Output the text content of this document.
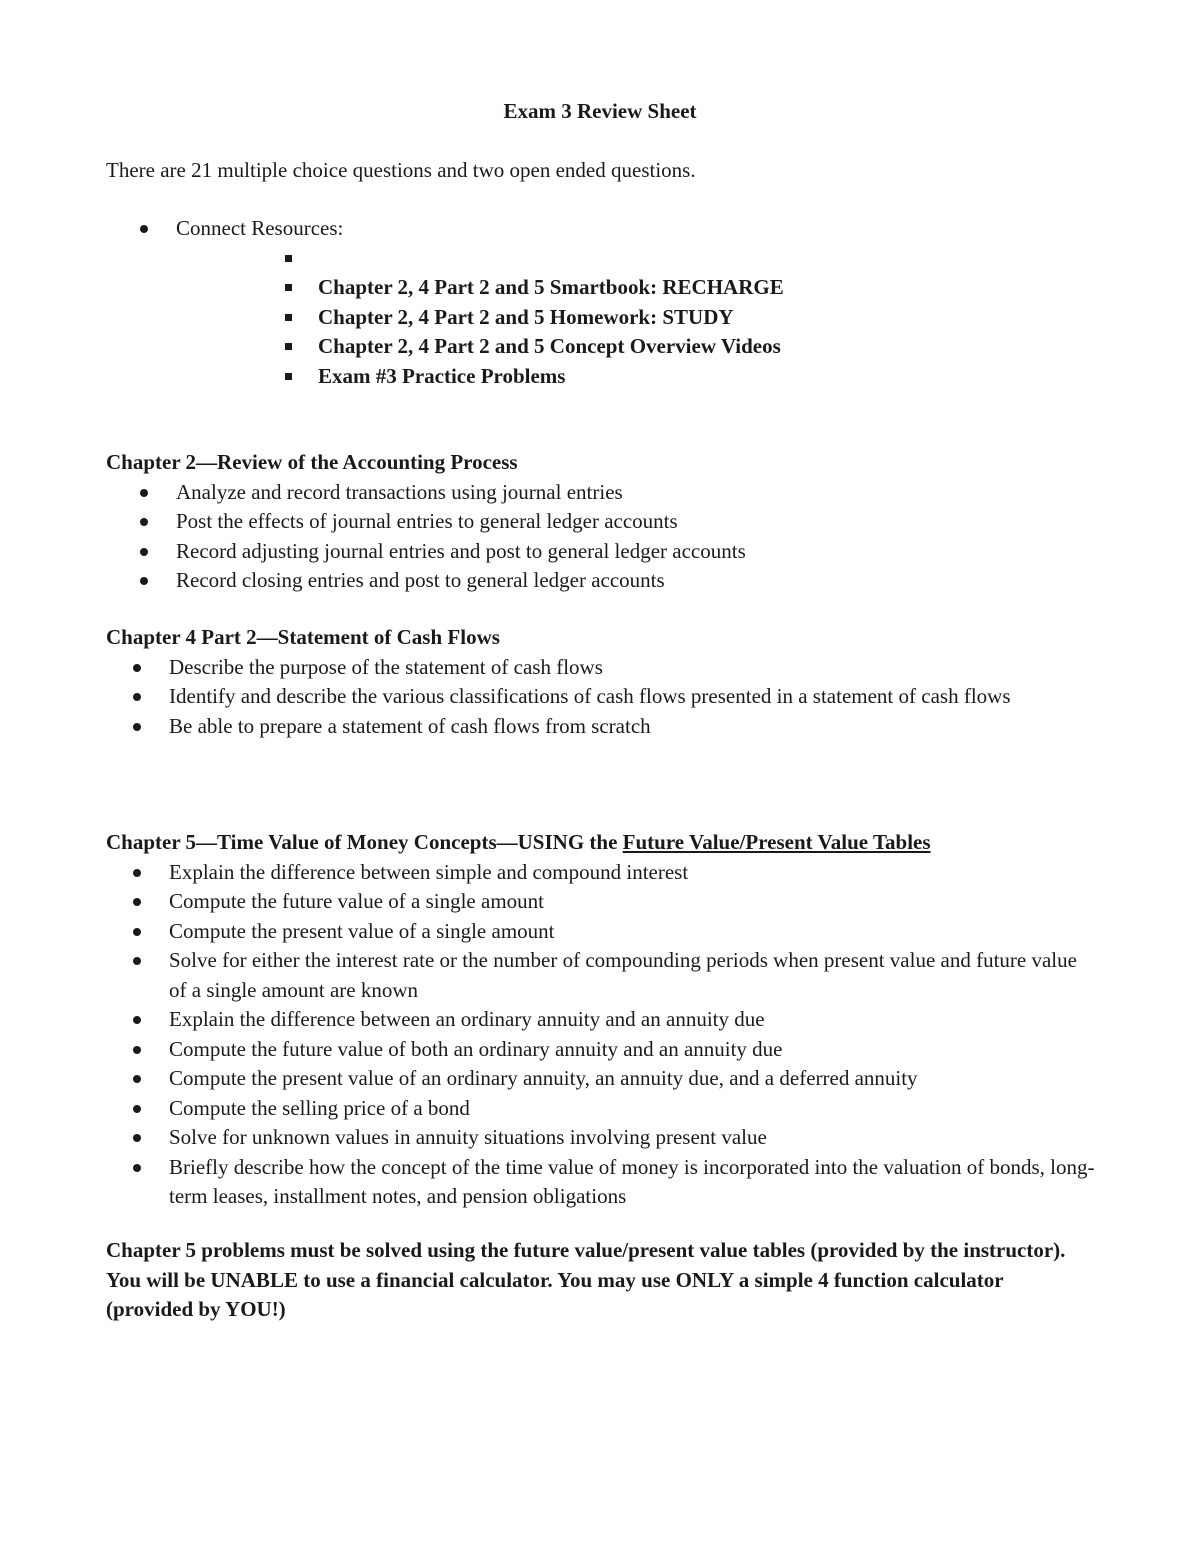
Exam 3 Review Sheet
There are 21 multiple choice questions and two open ended questions.
Connect Resources:
Chapter 2, 4 Part 2 and 5 Smartbook: RECHARGE
Chapter 2, 4 Part 2 and 5 Homework: STUDY
Chapter 2, 4 Part 2 and 5 Concept Overview Videos
Exam #3 Practice Problems
Chapter 2—Review of the Accounting Process
Analyze and record transactions using journal entries
Post the effects of journal entries to general ledger accounts
Record adjusting journal entries and post to general ledger accounts
Record closing entries and post to general ledger accounts
Chapter 4 Part 2—Statement of Cash Flows
Describe the purpose of the statement of cash flows
Identify and describe the various classifications of cash flows presented in a statement of cash flows
Be able to prepare a statement of cash flows from scratch
Chapter 5—Time Value of Money Concepts—USING the Future Value/Present Value Tables
Explain the difference between simple and compound interest
Compute the future value of a single amount
Compute the present value of a single amount
Solve for either the interest rate or the number of compounding periods when present value and future value of a single amount are known
Explain the difference between an ordinary annuity and an annuity due
Compute the future value of both an ordinary annuity and an annuity due
Compute the present value of an ordinary annuity, an annuity due, and a deferred annuity
Compute the selling price of a bond
Solve for unknown values in annuity situations involving present value
Briefly describe how the concept of the time value of money is incorporated into the valuation of bonds, long-term leases, installment notes, and pension obligations
Chapter 5 problems must be solved using the future value/present value tables (provided by the instructor). You will be UNABLE to use a financial calculator. You may use ONLY a simple 4 function calculator (provided by YOU!)
